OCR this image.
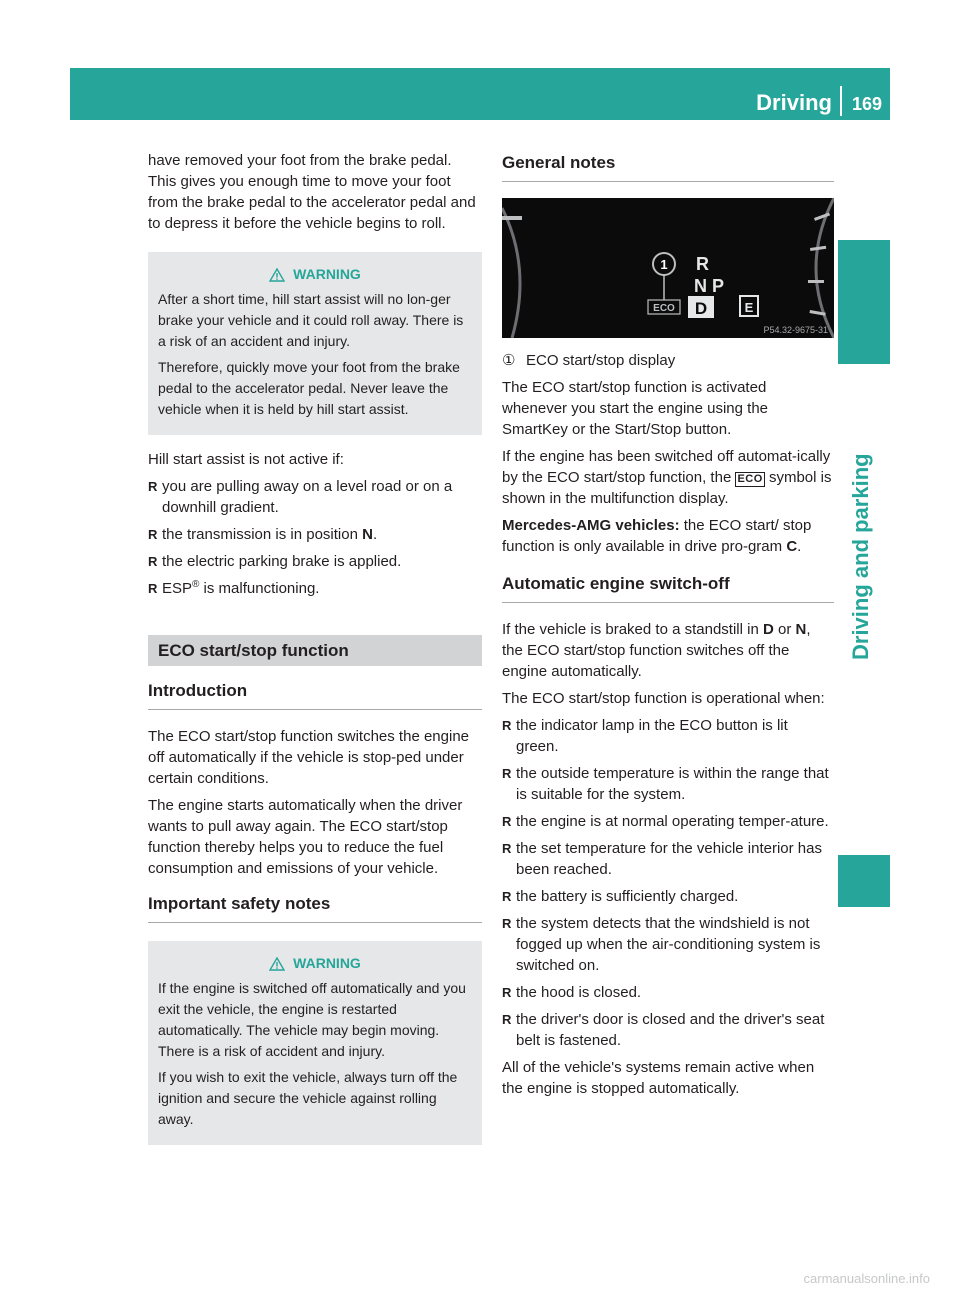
Driving	169
Driving and parking

have removed your foot from the brake pedal. This gives you enough time to move your foot from the brake pedal to the accelerator pedal and to depress it before the vehicle begins to roll.

WARNING

After a short time, hill start assist will no lon-ger brake your vehicle and it could roll away. There is a risk of an accident and injury.

Therefore, quickly move your foot from the brake pedal to the accelerator pedal. Never leave the vehicle when it is held by hill start assist.

Hill start assist is not active if:

R you are pulling away on a level road or on a downhill gradient.
R the transmission is in position N.
R the electric parking brake is applied.
R ESP® is malfunctioning.
ECO start/stop function
Introduction

The ECO start/stop function switches the engine off automatically if the vehicle is stop-ped under certain conditions.

The engine starts automatically when the driver wants to pull away again. The ECO start/stop function thereby helps you to reduce the fuel consumption and emissions of your vehicle.

Important safety notes
WARNING

If the engine is switched off automatically and you exit the vehicle, the engine is restarted automatically. The vehicle may begin moving. There is a risk of accident and injury.

If you wish to exit the vehicle, always turn off the ignition and secure the vehicle against rolling away.

General notes
1 R
N P
D	E
ECO
P54.32-9675-31
① ECO start/stop display

The ECO start/stop function is activated whenever you start the engine using the SmartKey or the Start/Stop button.

If the engine has been switched off automat-ically by the ECO start/stop function, the ECO symbol is shown in the multifunction display.

Mercedes-AMG vehicles: the ECO start/ stop function is only available in drive pro-gram C.

Automatic engine switch-off

If the vehicle is braked to a standstill in D or N, the ECO start/stop function switches off the engine automatically.

The ECO start/stop function is operational when:

R the indicator lamp in the ECO button is lit green.
R the outside temperature is within the range that is suitable for the system.
R the engine is at normal operating temper-ature.
R the set temperature for the vehicle interior has been reached.
R the battery is sufficiently charged.
R the system detects that the windshield is not fogged up when the air-conditioning system is switched on.
R the hood is closed.
R the driver's door is closed and the driver's seat belt is fastened.

All of the vehicle's systems remain active when the engine is stopped automatically.

carmanualsonline.info
